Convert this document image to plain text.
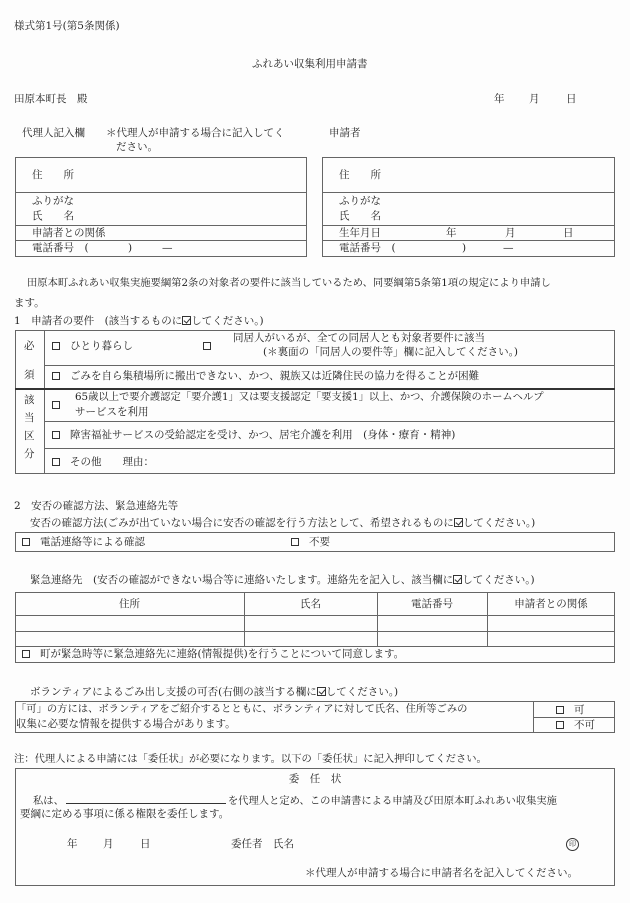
様式第1号(第5条関係)
ふれあい収集利用申請書
田原本町長　殿	年 月	日
代理人記入欄 ＊代理人が申請する場合に記入してく
ださい。
申請者
住　　所
ふりがな
氏　　名
申請者との関係
電話番号　(	)	—
住　　所
ふりがな
氏　　名
生年月日	年	月	日
電話番号　(	)	—
田原本町ふれあい収集実施要綱第2条の対象者の要件に該当しているため、同要綱第5条第1項の規定により申請し
ます。
1　申請者の要件　(該当するものに してください。)
必
須
ひとり暮らし
同居人がいるが、全ての同居人とも対象者要件に該当
(＊裏面の「同居人の要件等」欄に記入してください。)
ごみを自ら集積場所に搬出できない、かつ、親族又は近隣住民の協力を得ることが困難
該
当
区
分
65歳以上で要介護認定「要介護1」又は要支援認定「要支援1」以上、かつ、介護保険のホームヘルプ
サービスを利用
障害福祉サービスの受給認定を受け、かつ、居宅介護を利用　(身体・療育・精神)
その他　　理由：
2　安否の確認方法、緊急連絡先等
安否の確認方法(ごみが出ていない場合に安否の確認を行う方法として、希望されるものに してください。)
電話連絡等による確認	不要
緊急連絡先　(安否の確認ができない場合等に連絡いたします。連絡先を記入し、該当欄に してください。)
住所	氏名	電話番号	申請者との関係
町が緊急時等に緊急連絡先に連絡(情報提供)を行うことについて同意します。
ボランティアによるごみ出し支援の可否(右側の該当する欄に してください。)
「可」の方には、ボランティアをご紹介するとともに、ボランティアに対して氏名、住所等ごみの
収集に必要な情報を提供する場合があります。
可
不可
注：代理人による申請には「委任状」が必要になります。以下の「委任状」に記入押印してください。
委　任　状
私は、	を代理人と定め、この申請書による申請及び田原本町ふれあい収集実施
要綱に定める事項に係る権限を委任します。
年 月	日	委任者　氏名	印
＊代理人が申請する場合に申請者名を記入してください。
